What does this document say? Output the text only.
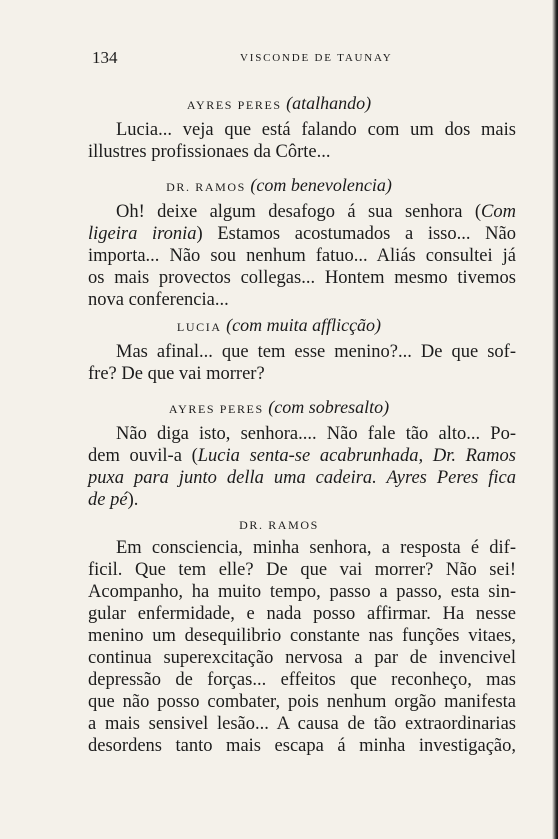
134	VISCONDE DE TAUNAY
AYRES PERES (atalhando)
Lucia... veja que está falando com um dos mais
illustres profissionaes da Côrte...
DR. RAMOS (com benevolencia)
Oh! deixe algum desafogo á sua senhora (Com
ligeira ironia) Estamos acostumados a isso... Não
importa... Não sou nenhum fatuo... Aliás consultei já
os mais provectos collegas... Hontem mesmo tivemos
nova conferencia...
LUCIA (com muita afflicção)
Mas afinal... que tem esse menino?... De que sof-
fre? De que vai morrer?
AYRES PERES (com sobresalto)
Não diga isto, senhora.... Não fale tão alto... Po-
dem ouvil-a (Lucia senta-se acabrunhada, Dr. Ramos
puxa para junto della uma cadeira. Ayres Peres fica
de pé).
DR. RAMOS
Em consciencia, minha senhora, a resposta é dif-
ficil. Que tem elle? De que vai morrer? Não sei!
Acompanho, ha muito tempo, passo a passo, esta sin-
gular enfermidade, e nada posso affirmar. Ha nesse
menino um desequilibrio constante nas funções vitaes,
continua superexcitação nervosa a par de invencivel
depressão de forças... effeitos que reconheço, mas
que não posso combater, pois nenhum orgão manifesta
a mais sensivel lesão... A causa de tão extraordinarias
desordens tanto mais escapa á minha investigação,
